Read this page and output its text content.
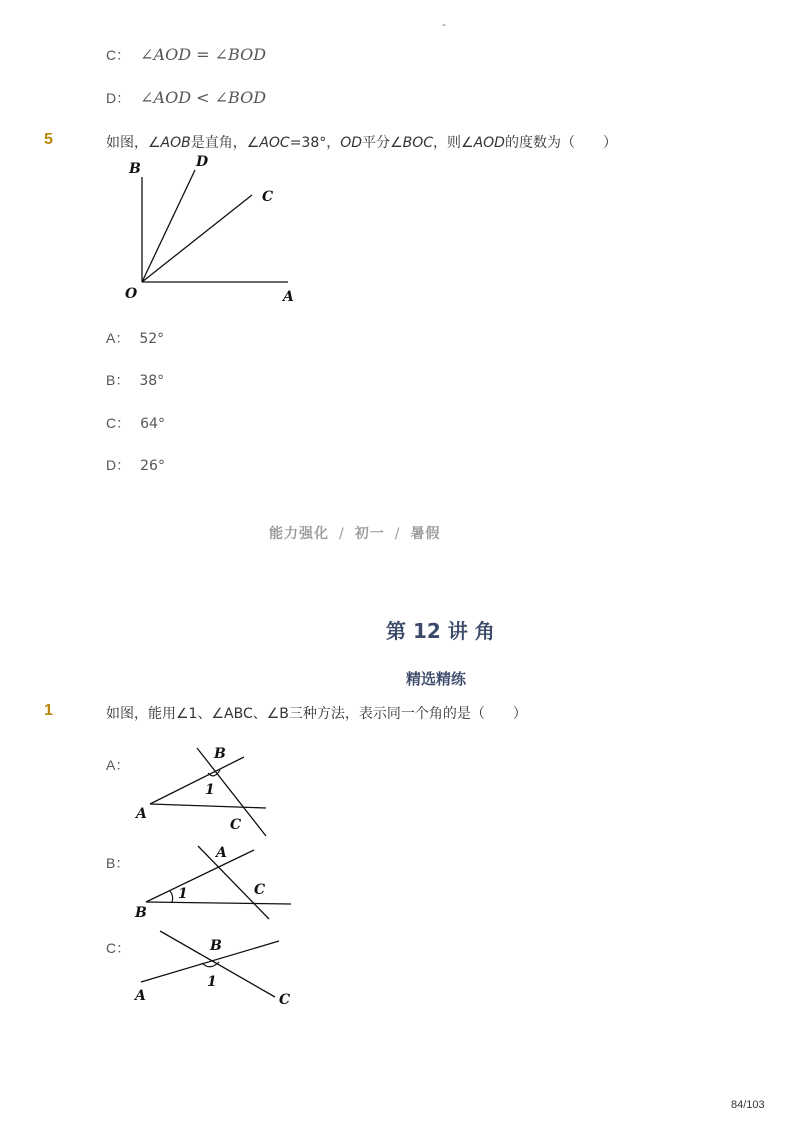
-
C： ∠AOD = ∠BOD
D： ∠AOD < ∠BOD
5	如图，∠AOB是直角，∠AOC=38°，OD平分∠BOC，则∠AOD的度数为（　　）
B	D
C
O	A
A： 52°
B： 38°
C： 64°
D： 26°
能力强化 / 初一 / 暑假
第 12 讲 角
精选精练
1	如图，能用∠1、∠ABC、∠B三种方法，表示同一个角的是（　　）
A：
B
1
A
C
B：
A
1	C
B
C：	B
1
A	C
84/103
